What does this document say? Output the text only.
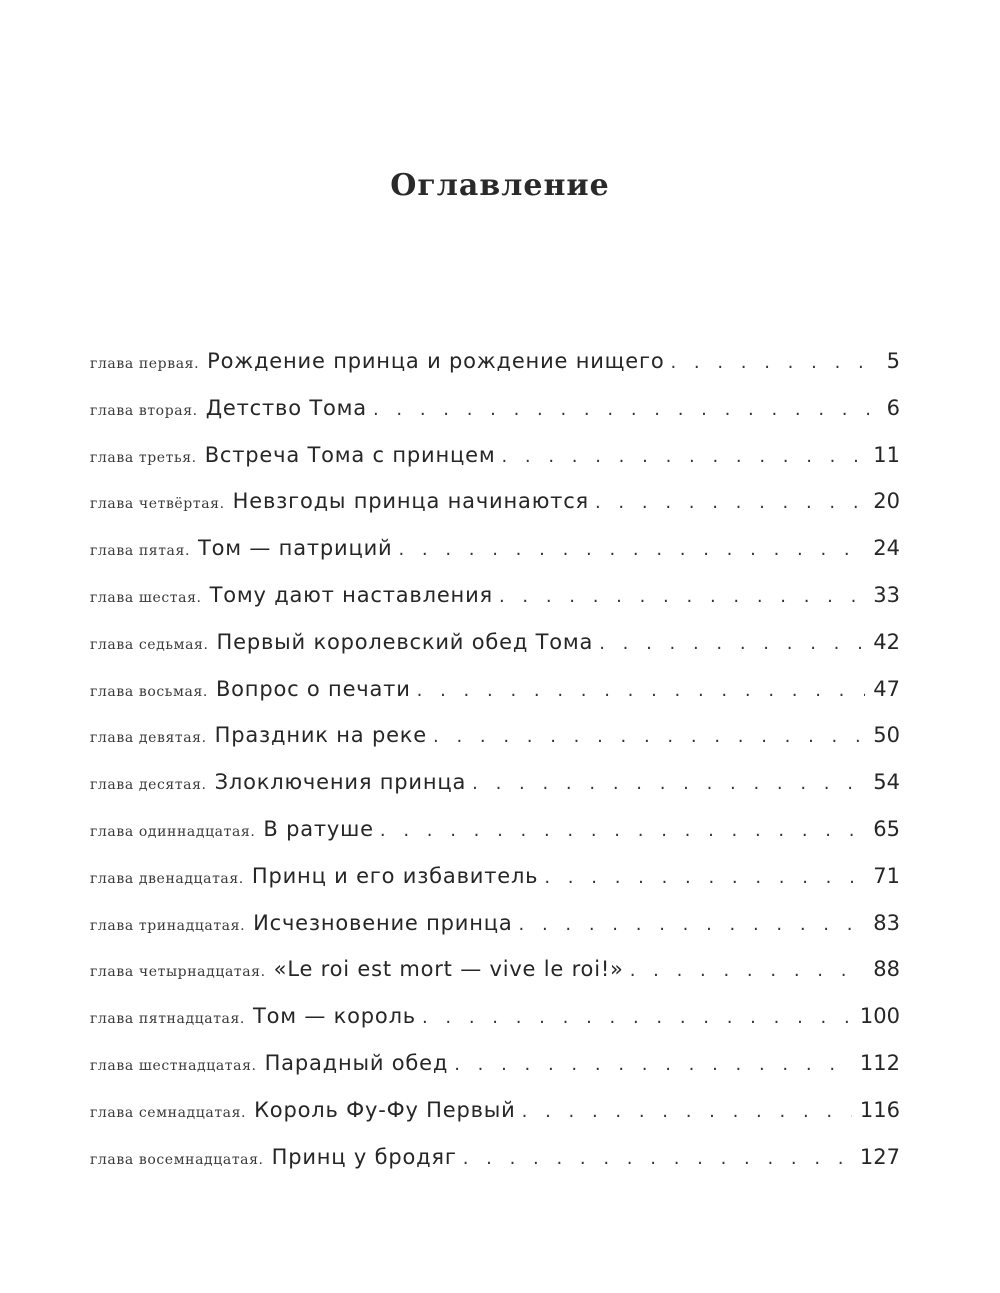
Оглавление
глава первая. Рождение принца и рождение нищего . . .	5
глава вторая. Детство Тома . . .	6
глава третья. Встреча Тома с принцем . . .	11
глава четвёртая. Невзгоды принца начинаются . . .	20
глава пятая. Том — патриций . . .	24
глава шестая. Тому дают наставления . . .	33
глава седьмая. Первый королевский обед Тома . . .	42
глава восьмая. Вопрос о печати . . .	47
глава девятая. Праздник на реке . . .	50
глава десятая. Злоключения принца . . .	54
глава одиннадцатая. В ратуше . . .	65
глава двенадцатая. Принц и его избавитель . . .	71
глава тринадцатая. Исчезновение принца . . .	83
глава четырнадцатая. «Le roi est mort — vive le roi!» . . .	88
глава пятнадцатая. Том — король . . .	100
глава шестнадцатая. Парадный обед . . .	112
глава семнадцатая. Король Фу-Фу Первый . . .	116
глава восемнадцатая. Принц у бродяг . . .	127
